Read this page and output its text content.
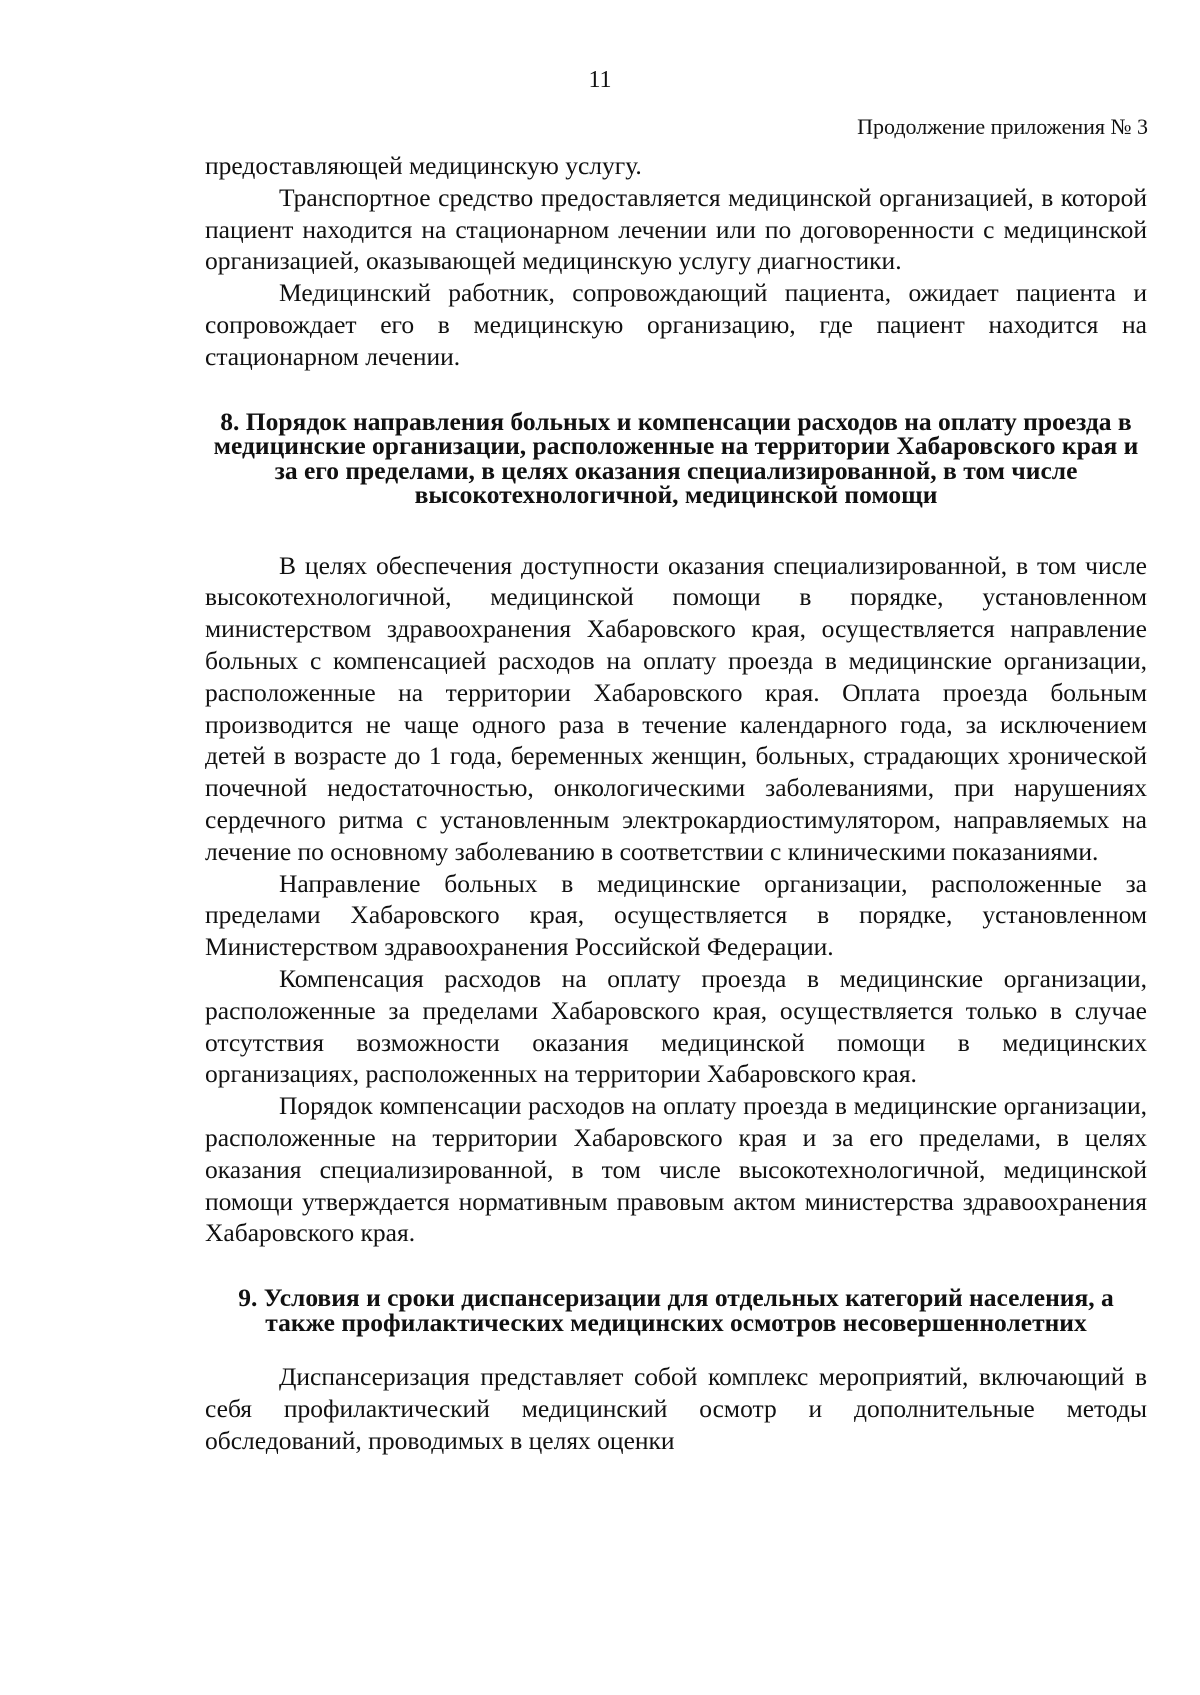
11
Продолжение приложения № 3

предоставляющей медицинскую услугу.

Транспортное средство предоставляется медицинской организацией, в которой пациент находится на стационарном лечении или по договоренности с медицинской организацией, оказывающей медицинскую услугу диагностики.

Медицинский работник, сопровождающий пациента, ожидает пациента и сопровождает его в медицинскую организацию, где пациент находится на стационарном лечении.

8. Порядок направления больных и компенсации расходов на оплату проезда в медицинские организации, расположенные на территории Хабаровского края и за его пределами, в целях оказания специализированной, в том числе высокотехнологичной, медицинской помощи

В целях обеспечения доступности оказания специализированной, в том числе высокотехнологичной, медицинской помощи в порядке, установленном министерством здравоохранения Хабаровского края, осуществляется направление больных с компенсацией расходов на оплату проезда в медицинские организации, расположенные на территории Хабаровского края. Оплата проезда больным производится не чаще одного раза в течение календарного года, за исключением детей в возрасте до 1 года, беременных женщин, больных, страдающих хронической почечной недостаточностью, онкологическими заболеваниями, при нарушениях сердечного ритма с установленным электрокардиостимулятором, направляемых на лечение по основному заболеванию в соответствии с клиническими показаниями.

Направление больных в медицинские организации, расположенные за пределами Хабаровского края, осуществляется в порядке, установленном Министерством здравоохранения Российской Федерации.

Компенсация расходов на оплату проезда в медицинские организации, расположенные за пределами Хабаровского края, осуществляется только в случае отсутствия возможности оказания медицинской помощи в медицинских организациях, расположенных на территории Хабаровского края.

Порядок компенсации расходов на оплату проезда в медицинские организации, расположенные на территории Хабаровского края и за его пределами, в целях оказания специализированной, в том числе высокотехнологичной, медицинской помощи утверждается нормативным правовым актом министерства здравоохранения Хабаровского края.

9. Условия и сроки диспансеризации для отдельных категорий населения, а также профилактических медицинских осмотров несовершеннолетних

Диспансеризация представляет собой комплекс мероприятий, включающий в себя профилактический медицинский осмотр и дополнительные методы обследований, проводимых в целях оценки
